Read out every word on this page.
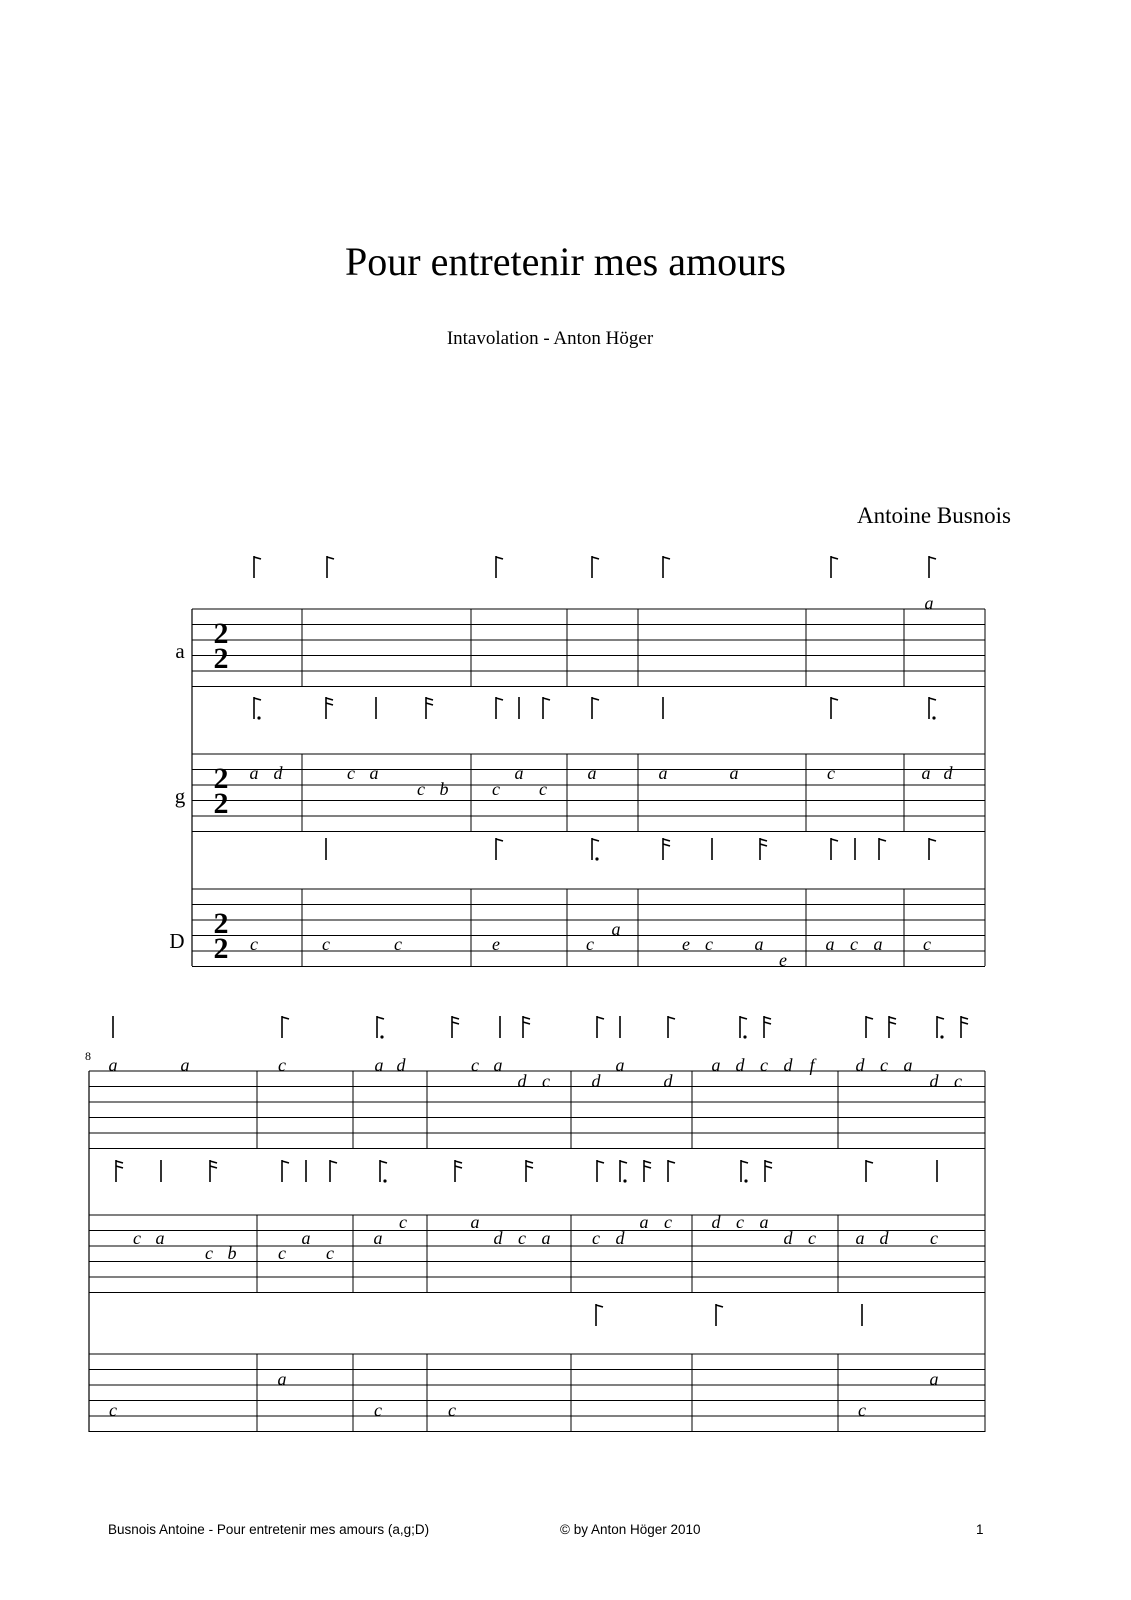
Pour entretenir mes amours
Intavolation - Anton Höger
Antoine Busnois
a
a d	c a
c b c
a
c
a	a	a	c	a d
c	c	c	e	c
a
e c a
e
a c a c
a	a	c	a d	c a
d c d
a
d
a d c d f d c a
d c
c a
c b c
a
c
a
c	a
d c a c d
a c d c a
d c a d c
c
a
c	c	c
a
a
g
D
2
2
2
2
2
2
8
Busnois Antoine - Pour entretenir mes amours (a,g;D)	© by Anton Höger 2010	1
